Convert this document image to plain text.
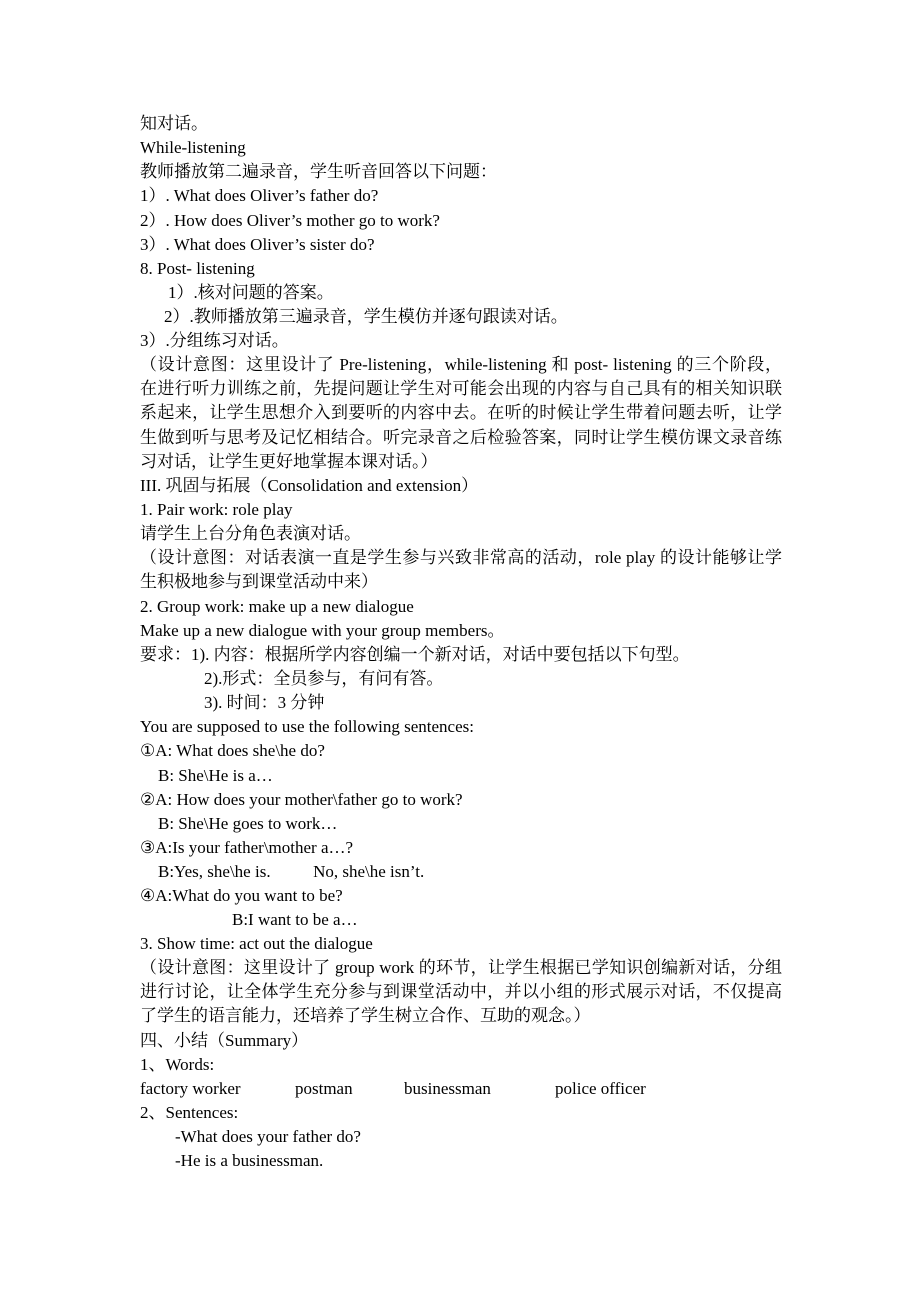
知对话。
While-listening
教师播放第二遍录音，学生听音回答以下问题：
1）. What does Oliver’s father do?
2）. How does Oliver’s mother go to work?
3）. What does Oliver’s sister do?
8. Post- listening
1）.核对问题的答案。
2）.教师播放第三遍录音，学生模仿并逐句跟读对话。
3）.分组练习对话。
（设计意图：这里设计了 Pre-listening，while-listening 和 post- listening 的三个阶段，在进行听力训练之前，先提问题让学生对可能会出现的内容与自己具有的相关知识联系起来，让学生思想介入到要听的内容中去。在听的时候让学生带着问题去听，让学生做到听与思考及记忆相结合。听完录音之后检验答案，同时让学生模仿课文录音练习对话，让学生更好地掌握本课对话。）
III. 巩固与拓展（Consolidation and extension）
1. Pair work: role play
请学生上台分角色表演对话。
（设计意图：对话表演一直是学生参与兴致非常高的活动，role play 的设计能够让学生积极地参与到课堂活动中来）
2. Group work: make up a new dialogue
Make up a new dialogue with your group members。
要求：1). 内容：根据所学内容创编一个新对话，对话中要包括以下句型。
2).形式：全员参与，有问有答。
3). 时间：3 分钟
You are supposed to use the following sentences:
①A: What does she\he do?
B: She\He is a…
②A: How does your mother\father go to work?
B: She\He goes to work…
③A:Is your father\mother a…?
B:Yes, she\he is.          No, she\he isn’t.
④A:What do you want to be?
B:I want to be a…
3. Show time: act out the dialogue
（设计意图：这里设计了 group work 的环节，让学生根据已学知识创编新对话，分组进行讨论，让全体学生充分参与到课堂活动中，并以小组的形式展示对话，不仅提高了学生的语言能力，还培养了学生树立合作、互助的观念。）
四、小结（Summary）
1、Words:
factory worker	postman	businessman	police officer
2、Sentences:
-What does your father do?
-He is a businessman.
